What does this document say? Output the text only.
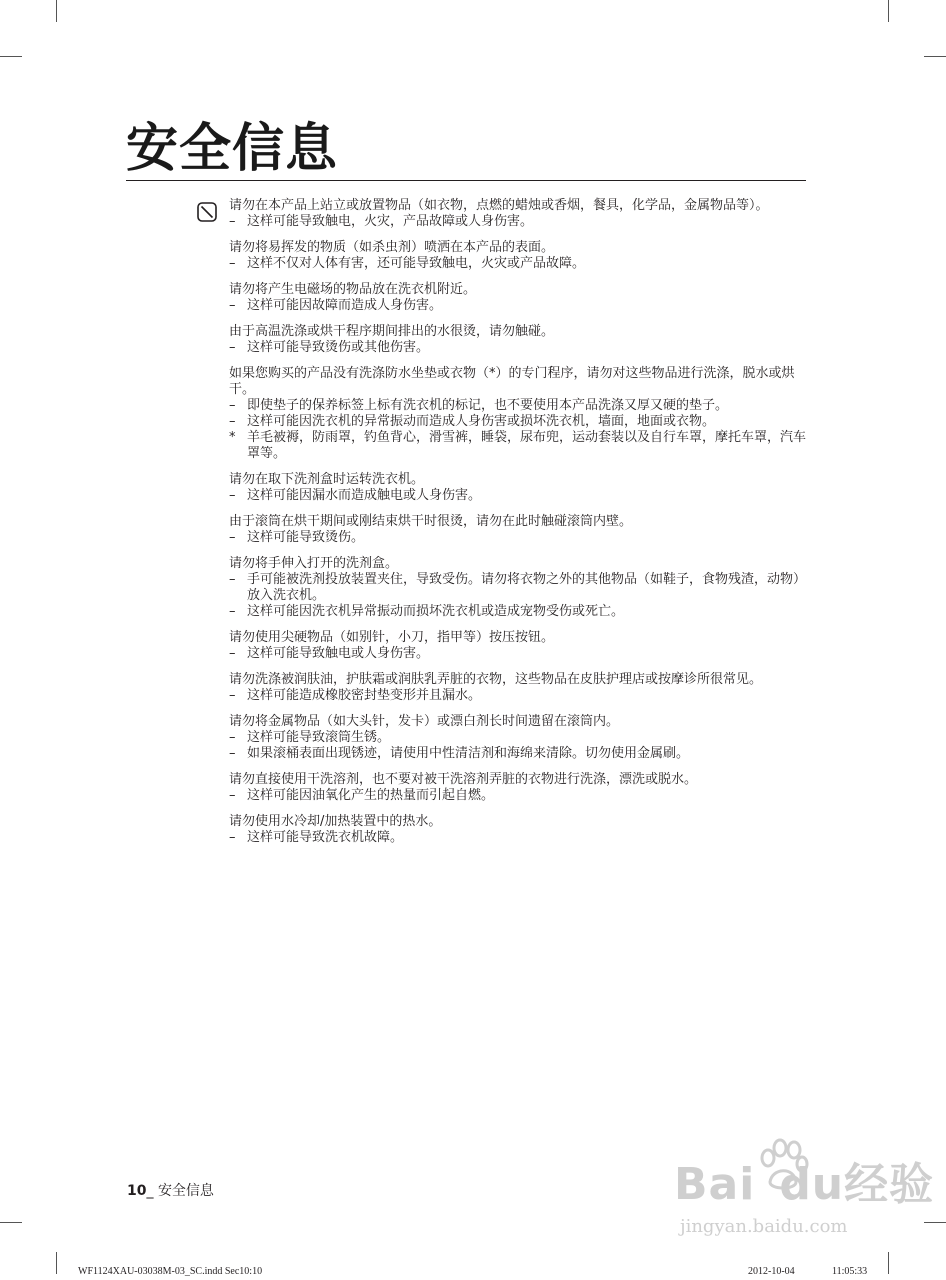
安全信息

请勿在本产品上站立或放置物品（如衣物，点燃的蜡烛或香烟，餐具，化学品，金属物品等）。

– 这样可能导致触电，火灾，产品故障或人身伤害。

请勿将易挥发的物质（如杀虫剂）喷洒在本产品的表面。

– 这样不仅对人体有害，还可能导致触电，火灾或产品故障。

请勿将产生电磁场的物品放在洗衣机附近。

– 这样可能因故障而造成人身伤害。

由于高温洗涤或烘干程序期间排出的水很烫，请勿触碰。

– 这样可能导致烫伤或其他伤害。

如果您购买的产品没有洗涤防水坐垫或衣物（*）的专门程序，请勿对这些物品进行洗涤，脱水或烘干。

– 即使垫子的保养标签上标有洗衣机的标记，也不要使用本产品洗涤又厚又硬的垫子。

– 这样可能因洗衣机的异常振动而造成人身伤害或损坏洗衣机，墙面，地面或衣物。

* 羊毛被褥，防雨罩，钓鱼背心，滑雪裤，睡袋，尿布兜，运动套装以及自行车罩，摩托车罩，汽车罩等。

请勿在取下洗剂盒时运转洗衣机。

– 这样可能因漏水而造成触电或人身伤害。

由于滚筒在烘干期间或刚结束烘干时很烫，请勿在此时触碰滚筒内壁。

– 这样可能导致烫伤。

请勿将手伸入打开的洗剂盒。

– 手可能被洗剂投放装置夹住，导致受伤。请勿将衣物之外的其他物品（如鞋子，食物残渣，动物）放入洗衣机。

– 这样可能因洗衣机异常振动而损坏洗衣机或造成宠物受伤或死亡。

请勿使用尖硬物品（如别针，小刀，指甲等）按压按钮。

– 这样可能导致触电或人身伤害。

请勿洗涤被润肤油，护肤霜或润肤乳弄脏的衣物，这些物品在皮肤护理店或按摩诊所很常见。

– 这样可能造成橡胶密封垫变形并且漏水。

请勿将金属物品（如大头针，发卡）或漂白剂长时间遗留在滚筒内。

– 这样可能导致滚筒生锈。

– 如果滚桶表面出现锈迹，请使用中性清洁剂和海绵来清除。切勿使用金属刷。

请勿直接使用干洗溶剂，也不要对被干洗溶剂弄脏的衣物进行洗涤，漂洗或脱水。

– 这样可能因油氧化产生的热量而引起自燃。

请勿使用水冷却/加热装置中的热水。

– 这样可能导致洗衣机故障。

10_ 安全信息	Bai du经验
jingyan.baidu.com
WF1124XAU-03038M-03_SC.indd Sec10:10	2012-10-04	11:05:33
